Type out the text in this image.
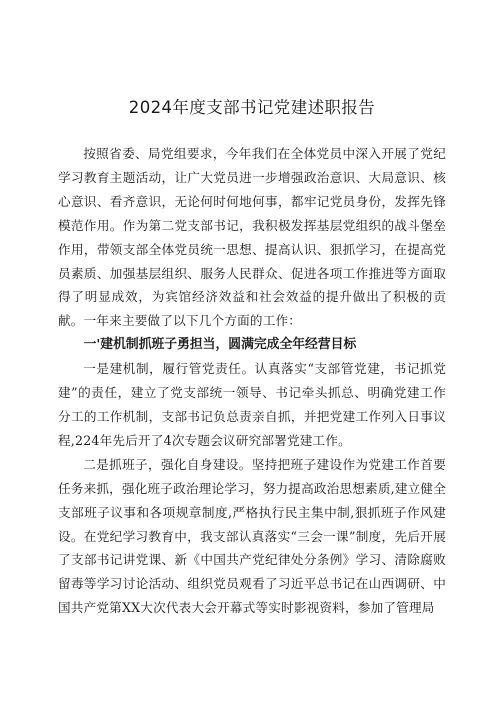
2024年度支部书记党建述职报告

按照省委、局党组要求，今年我们在全体党员中深入开展了党纪学习教育主题活动，让广大党员进一步增强政治意识、大局意识、核心意识、看齐意识，无论何时何地何事，都牢记党员身份，发挥先锋模范作用。作为第二党支部书记，我积极发挥基层党组织的战斗堡垒作用，带领支部全体党员统一思想、提高认识、狠抓学习，在提高党员素质、加强基层组织、服务人民群众、促进各项工作推进等方面取得了明显成效，为宾馆经济效益和社会效益的提升做出了积极的贡献。一年来主要做了以下几个方面的工作：

一'建机制抓班子勇担当，圆满完成全年经营目标

一是建机制，履行管党责任。认真落实“支部管党建，书记抓党建”的责任，建立了党支部统一领导、书记牵头抓总、明确党建工作分工的工作机制，支部书记负总责亲自抓，并把党建工作列入日事议程,224年先后开了4次专题会议研究部署党建工作。

二是抓班子，强化自身建设。坚持把班子建设作为党建工作首要任务来抓，强化班子政治理论学习，努力提高政治思想素质,建立健全支部班子议事和各项规章制度,严格执行民主集中制,狠抓班子作风建设。在党纪学习教育中，我支部认真落实“三会一课”制度，先后开展了支部书记讲党课、新《中国共产党纪律处分条例》学习、清除腐败留毒等学习讨论活动、组织党员观看了习近平总书记在山西调研、中国共产党第XX大次代表大会开幕式等实时影视资料，参加了管理局
